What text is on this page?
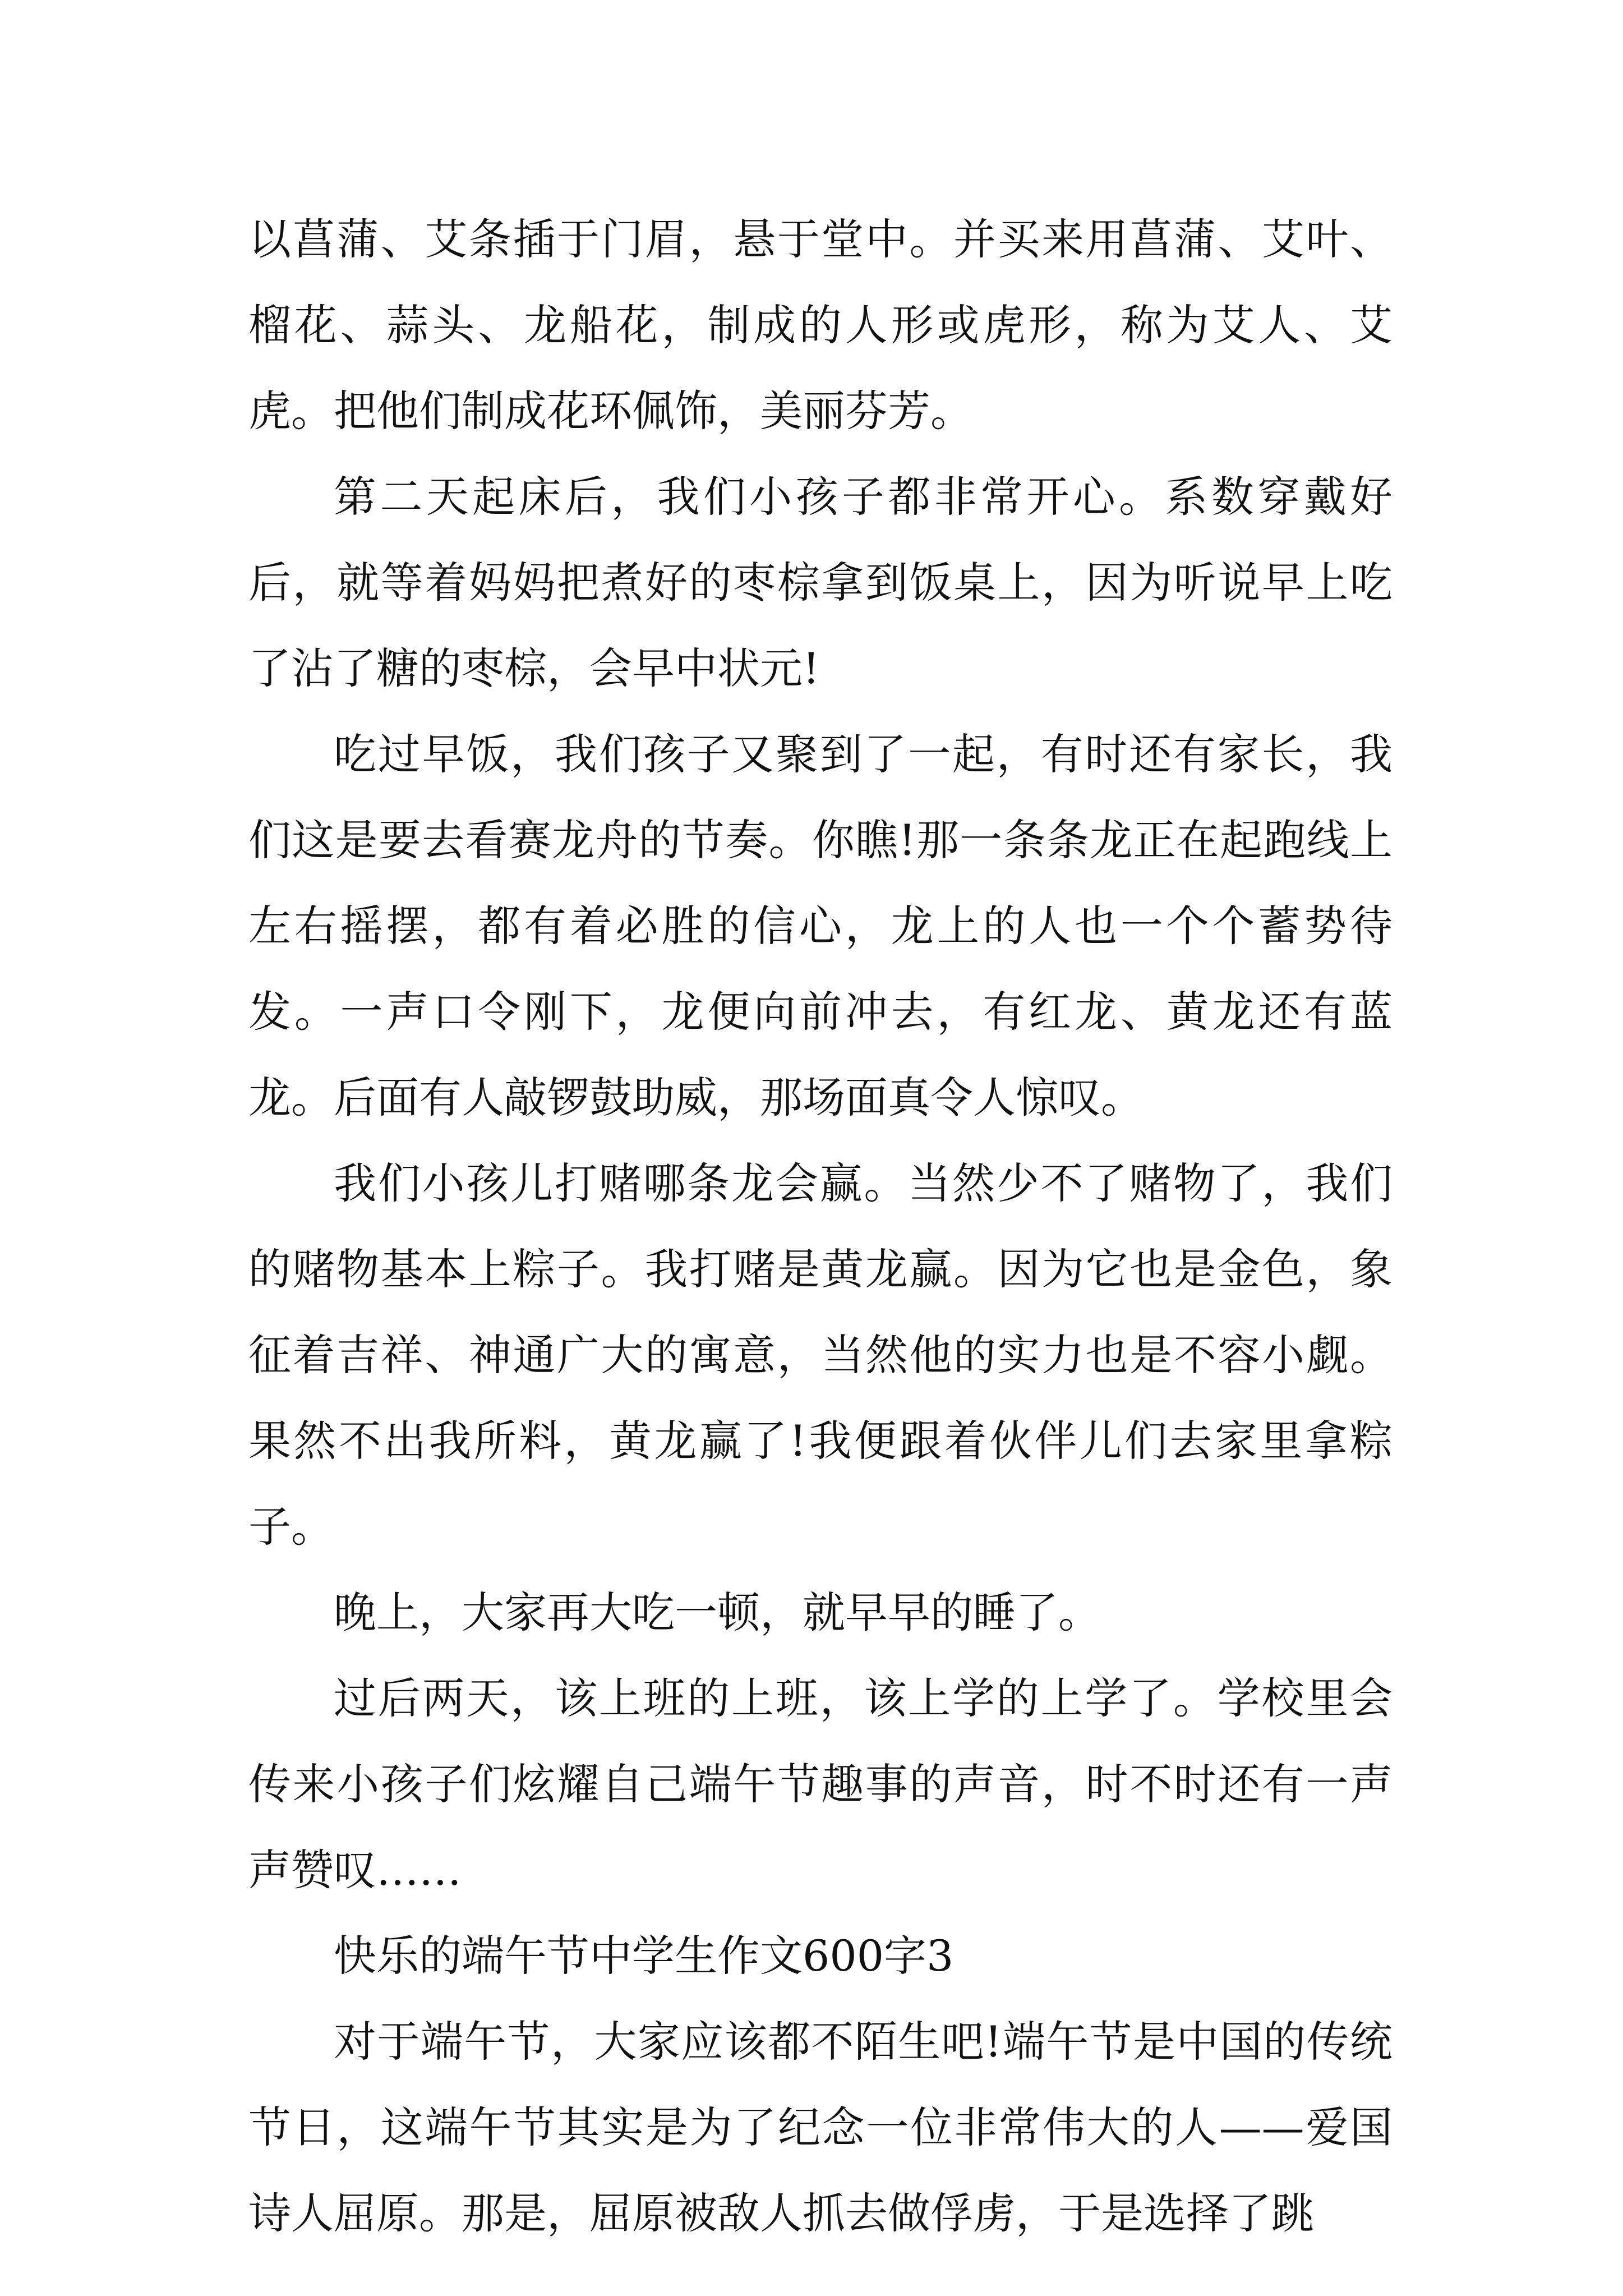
以菖蒲、艾条插于门眉，悬于堂中。并买来用菖蒲、艾叶、榴花、蒜头、龙船花，制成的人形或虎形，称为艾人、艾虎。把他们制成花环佩饰，美丽芬芳。

第二天起床后，我们小孩子都非常开心。系数穿戴好后，就等着妈妈把煮好的枣棕拿到饭桌上，因为听说早上吃了沾了糖的枣棕，会早中状元!

吃过早饭，我们孩子又聚到了一起，有时还有家长，我们这是要去看赛龙舟的节奏。你瞧!那一条条龙正在起跑线上左右摇摆，都有着必胜的信心，龙上的人也一个个蓄势待发。一声口令刚下，龙便向前冲去，有红龙、黄龙还有蓝龙。后面有人敲锣鼓助威，那场面真令人惊叹。

我们小孩儿打赌哪条龙会赢。当然少不了赌物了，我们的赌物基本上粽子。我打赌是黄龙赢。因为它也是金色，象征着吉祥、神通广大的寓意，当然他的实力也是不容小觑。果然不出我所料，黄龙赢了!我便跟着伙伴儿们去家里拿粽子。

晚上，大家再大吃一顿，就早早的睡了。

过后两天，该上班的上班，该上学的上学了。学校里会传来小孩子们炫耀自己端午节趣事的声音，时不时还有一声声赞叹……

快乐的端午节中学生作文600字3

对于端午节，大家应该都不陌生吧!端午节是中国的传统节日，这端午节其实是为了纪念一位非常伟大的人——爱国诗人屈原。那是，屈原被敌人抓去做俘虏，于是选择了跳
